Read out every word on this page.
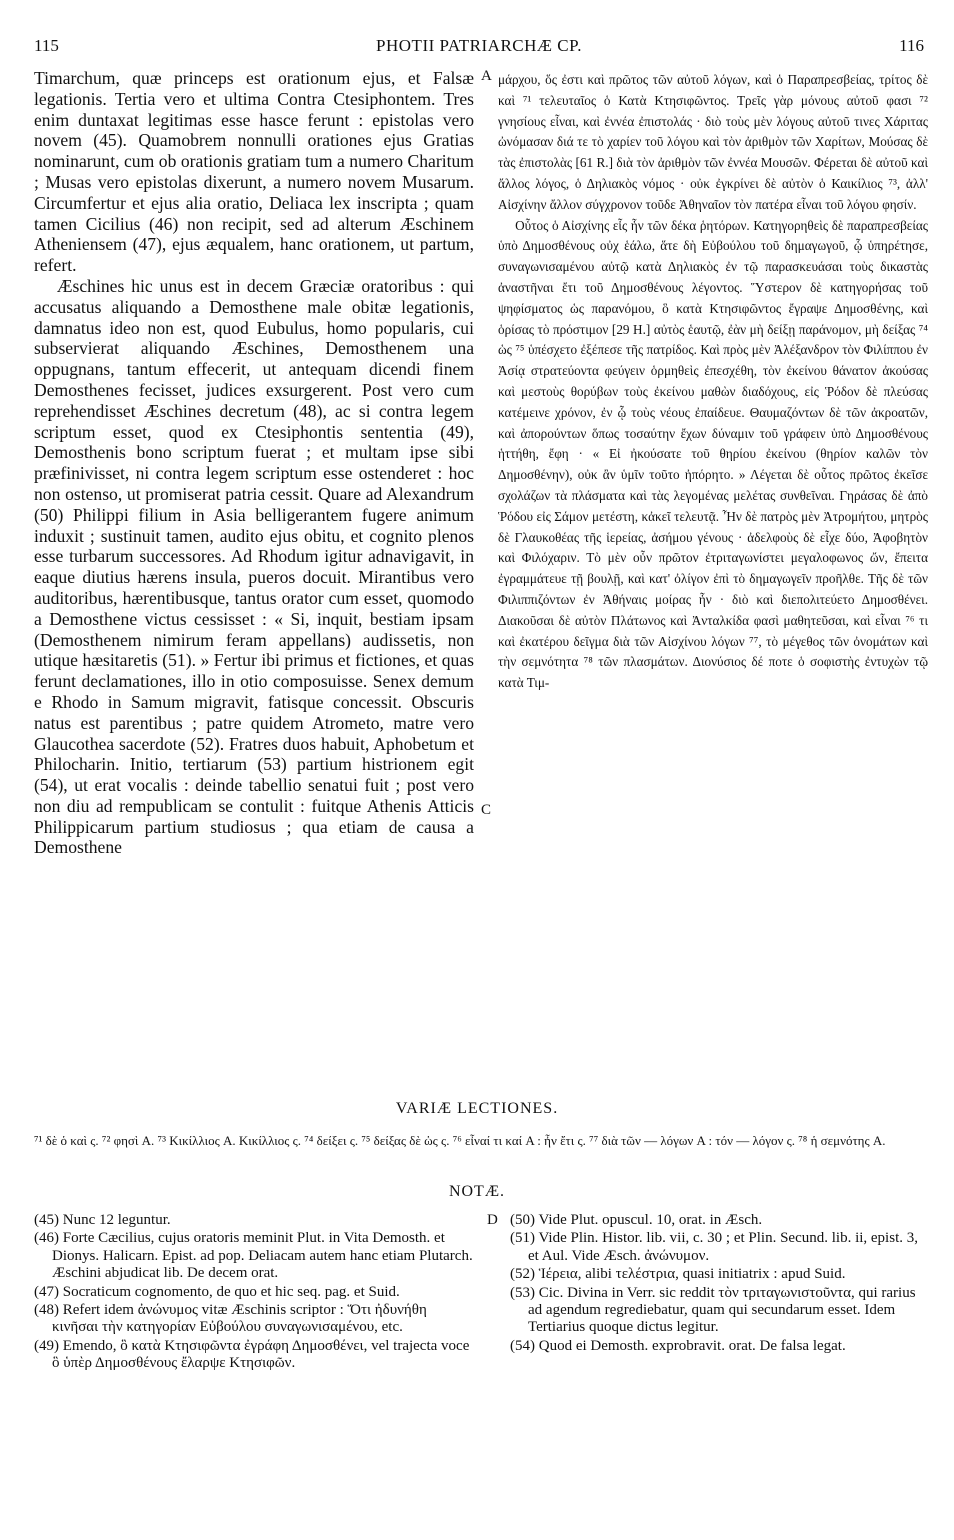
115	PHOTII PATRIARCHÆ CP.	116

Timarchum, quæ princeps est orationum ejus, et Falsæ legationis. Tertia vero et ultima Contra Ctesiphontem. Tres enim duntaxat legitimas esse hasce ferunt : epistolas vero novem (45). Quamobrem nonnulli orationes ejus Gratias nominarunt, cum ob orationis gratiam tum a numero Charitum ; Musas vero epistolas dixerunt, a numero novem Musarum. Circumfertur et ejus alia oratio, Deliaca lex inscripta ; quam tamen Cicilius (46) non recipit, sed ad alterum Æschinem Atheniensem (47), ejus æqualem, hanc orationem, ut partum, refert.

Æschines hic unus est in decem Græciæ oratoribus : qui accusatus aliquando a Demosthene male obitæ legationis, damnatus ideo non est, quod Eubulus, homo popularis, cui subservierat aliquando Æschines, Demosthenem una oppugnans, tantum effecerit, ut antequam dicendi finem Demosthenes fecisset, judices exsurgerent. Post vero cum reprehendisset Æschines decretum (48), ac si contra legem scriptum esset, quod ex Ctesiphontis sententia (49), Demosthenis bono scriptum fuerat ; et multam ipse sibi præfinivisset, ni contra legem scriptum esse ostenderet : hoc non ostenso, ut promiserat patria cessit. Quare ad Alexandrum (50) Philippi filium in Asia belligerantem fugere animum induxit ; sustinuit tamen, audito ejus obitu, et cognito plenos esse turbarum successores. Ad Rhodum igitur adnavigavit, in eaque diutius hærens insula, pueros docuit. Mirantibus vero auditoribus, hærentibusque, tantus orator cum esset, quomodo a Demosthene victus cessisset : « Si, inquit, bestiam ipsam (Demosthenem nimirum feram appellans) audissetis, non utique hæsitaretis (51). » Fertur ibi primus et fictiones, et quas ferunt declamationes, illo in otio composuisse. Senex demum e Rhodo in Samum migravit, fatisque concessit. Obscuris natus est parentibus ; patre quidem Atrometo, matre vero Glaucothea sacerdote (52). Fratres duos habuit, Aphobetum et Philocharin. Initio, tertiarum (53) partium histrionem egit (54), ut erat vocalis : deinde tabellio senatui fuit ; post vero non diu ad rempublicam se contulit : fuitque Athenis Atticis Philippicarum partium studiosus ; qua etiam de causa a Demosthene

A
C

μάρχου, ὅς ἐστι καὶ πρῶτος τῶν αὐτοῦ λόγων, καὶ ὁ Παραπρεσβείας, τρίτος δὲ καὶ ⁷¹ τελευταῖος ὁ Κατὰ Κτησιφῶντος. Τρεῖς γὰρ μόνους αὐτοῦ φασι ⁷² γνησίους εἶναι, καὶ ἐννέα ἐπιστολάς · διὸ τοὺς μὲν λόγους αὐτοῦ τινες Χάριτας ὠνόμασαν διά τε τὸ χαρίεν τοῦ λόγου καὶ τὸν ἀριθμὸν τῶν Χαρίτων, Μούσας δὲ τὰς ἐπιστολὰς [61 R.] διὰ τὸν ἀριθμὸν τῶν ἐννέα Μουσῶν. Φέρεται δὲ αὐτοῦ καὶ ἄλλος λόγος, ὁ Δηλιακὸς νόμος · οὐκ ἐγκρίνει δὲ αὐτὸν ὁ Καικίλιος ⁷³, ἀλλ' Αἰσχίνην ἄλλον σύγχρονον τοῦδε Ἀθηναῖον τὸν πατέρα εἶναι τοῦ λόγου φησίν.

Οὗτος ὁ Αἰσχίνης εἷς ἦν τῶν δέκα ῥητόρων. Κατηγορηθεὶς δὲ παραπρεσβείας ὑπὸ Δημοσθένους οὐχ ἑάλω, ἅτε δὴ Εὐβούλου τοῦ δημαγωγοῦ, ᾧ ὑπηρέτησε, συναγωνισαμένου αὐτῷ κατὰ Δηλιακὸς ἐν τῷ παρασκευάσαι τοὺς δικαστὰς ἀναστῆναι ἔτι τοῦ Δημοσθένους λέγοντος. Ὕστερον δὲ κατηγορήσας τοῦ ψηφίσματος ὡς παρανόμου, ὃ κατὰ Κτησιφῶντος ἔγραψε Δημοσθένης, καὶ ὁρίσας τὸ πρόστιμον [29 H.] αὐτὸς ἑαυτῷ, ἐὰν μὴ δείξῃ παράνομον, μὴ δείξας ⁷⁴ ὡς ⁷⁵ ὑπέσχετο ἐξέπεσε τῆς πατρίδος. Καὶ πρὸς μὲν Ἀλέξανδρον τὸν Φιλίππου ἐν Ἀσίᾳ στρατεύοντα φεύγειν ὁρμηθεὶς ἐπεσχέθη, τὸν ἐκείνου θάνατον ἀκούσας καὶ μεστοὺς θορύβων τοὺς ἐκείνου μαθὼν διαδόχους, εἰς Ῥόδον δὲ πλεύσας κατέμεινε χρόνον, ἐν ᾧ τοὺς νέους ἐπαίδευε. Θαυμαζόντων δὲ τῶν ἀκροατῶν, καὶ ἀπορούντων ὅπως τοσαύτην ἔχων δύναμιν τοῦ γράφειν ὑπὸ Δημοσθένους ἡττήθη, ἔφη · « Εἰ ἠκούσατε τοῦ θηρίου ἐκείνου (θηρίον καλῶν τὸν Δημοσθένην), οὐκ ἂν ὑμῖν τοῦτο ἠπόρητο. » Λέγεται δὲ οὗτος πρῶτος ἐκεῖσε σχολάζων τὰ πλάσματα καὶ τὰς λεγομένας μελέτας συνθεῖναι. Γηράσας δὲ ἀπὸ Ῥόδου εἰς Σάμον μετέστη, κἀκεῖ τελευτᾷ. Ἦν δὲ πατρὸς μὲν Ἀτρομήτου, μητρὸς δὲ Γλαυκοθέας τῆς ἱερείας, ἀσήμου γένους · ἀδελφοὺς δὲ εἶχε δύο, Ἀφοβητὸν καὶ Φιλόχαριν. Τὸ μὲν οὖν πρῶτον ἐτριταγωνίστει μεγαλοφωνος ὤν, ἔπειτα ἐγραμμάτευε τῇ βουλῇ, καὶ κατ' ὀλίγον ἐπὶ τὸ δημαγωγεῖν προῆλθε. Τῆς δὲ τῶν Φιλιππιζόντων ἐν Ἀθήναις μοίρας ἦν · διὸ καὶ διεπολιτεύετο Δημοσθένει. Διακοῦσαι δὲ αὐτὸν Πλάτωνος καὶ Ἀνταλκίδα φασὶ μαθητεῦσαι, καὶ εἶναι ⁷⁶ τι καὶ ἐκατέρου δεῖγμα διὰ τῶν Αἰσχίνου λόγων ⁷⁷, τὸ μέγεθος τῶν ὀνομάτων καὶ τὴν σεμνότητα ⁷⁸ τῶν πλασμάτων. Διονύσιος δέ ποτε ὁ σοφιστὴς ἐντυχὼν τῷ κατὰ Τιμ-

VARIÆ LECTIONES.
⁷¹ δὲ ὁ καὶ ς. ⁷² φησὶ A. ⁷³ Κικίλλιος A. Κικίλλιος ς. ⁷⁴ δείξει ς. ⁷⁵ δείξας δὲ ὡς ς. ⁷⁶ εἶναί τι καί A : ἦν ἔτι ς. ⁷⁷ διὰ τῶν — λόγων A : τόν — λόγον ς. ⁷⁸ ἡ σεμνότης A.
NOTÆ.
D

(45) Nunc 12 leguntur.

(46) Forte Cæcilius, cujus oratoris meminit Plut. in Vita Demosth. et Dionys. Halicarn. Epist. ad pop. Deliacam autem hanc etiam Plutarch. Æschini abjudicat lib. De decem orat.

(47) Socraticum cognomento, de quo et hic seq. pag. et Suid.

(48) Refert idem ἀνώνυμος vitæ Æschinis scriptor : Ὅτι ἠδυνήθη κινῆσαι τὴν κατηγορίαν Εὐβούλου συναγωνισαμένου, etc.

(49) Emendo, ὃ κατὰ Κτησιφῶντα ἐγράφη Δημοσθένει, vel trajecta voce ὃ ὑπὲρ Δημοσθένους ἔλαρψε Κτησιφῶν.

(50) Vide Plut. opuscul. 10, orat. in Æsch.

(51) Vide Plin. Histor. lib. vii, c. 30 ; et Plin. Secund. lib. ii, epist. 3, et Aul. Vide Æsch. ἀνώνυμον.

(52) Ἱέρεια, alibi τελέστρια, quasi initiatrix : apud Suid.

(53) Cic. Divina in Verr. sic reddit τὸν τριταγωνιστοῦντα, qui rarius ad agendum regrediebatur, quam qui secundarum esset. Idem Tertiarius quoque dictus legitur.

(54) Quod ei Demosth. exprobravit. orat. De falsa legat.
